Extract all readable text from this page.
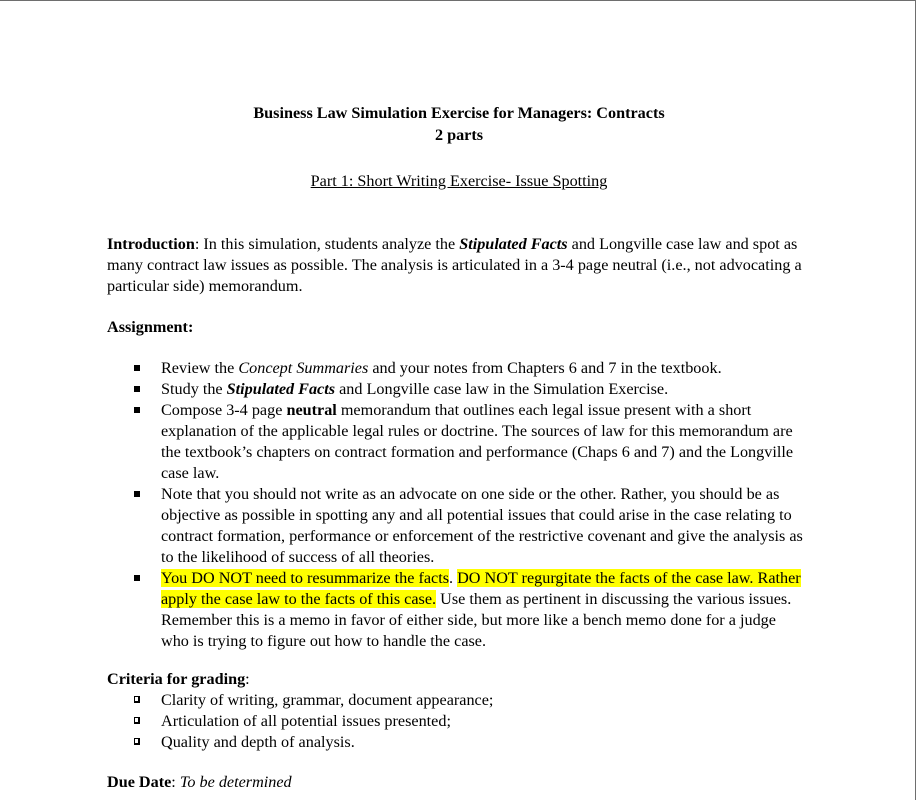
Business Law Simulation Exercise for Managers: Contracts
2 parts
Part 1: Short Writing Exercise- Issue Spotting

Introduction: In this simulation, students analyze the Stipulated Facts and Longville case law and spot as many contract law issues as possible. The analysis is articulated in a 3-4 page neutral (i.e., not advocating a particular side) memorandum.

Assignment:
Review the Concept Summaries and your notes from Chapters 6 and 7 in the textbook.
Study the Stipulated Facts and Longville case law in the Simulation Exercise.
Compose 3-4 page neutral memorandum that outlines each legal issue present with a short explanation of the applicable legal rules or doctrine. The sources of law for this memorandum are the textbook’s chapters on contract formation and performance (Chaps 6 and 7) and the Longville case law.
Note that you should not write as an advocate on one side or the other. Rather, you should be as objective as possible in spotting any and all potential issues that could arise in the case relating to contract formation, performance or enforcement of the restrictive covenant and give the analysis as to the likelihood of success of all theories.
You DO NOT need to resummarize the facts. DO NOT regurgitate the facts of the case law. Rather apply the case law to the facts of this case. Use them as pertinent in discussing the various issues. Remember this is a memo in favor of either side, but more like a bench memo done for a judge who is trying to figure out how to handle the case.
Criteria for grading:
Clarity of writing, grammar, document appearance;
Articulation of all potential issues presented;
Quality and depth of analysis.
Due Date: To be determined
